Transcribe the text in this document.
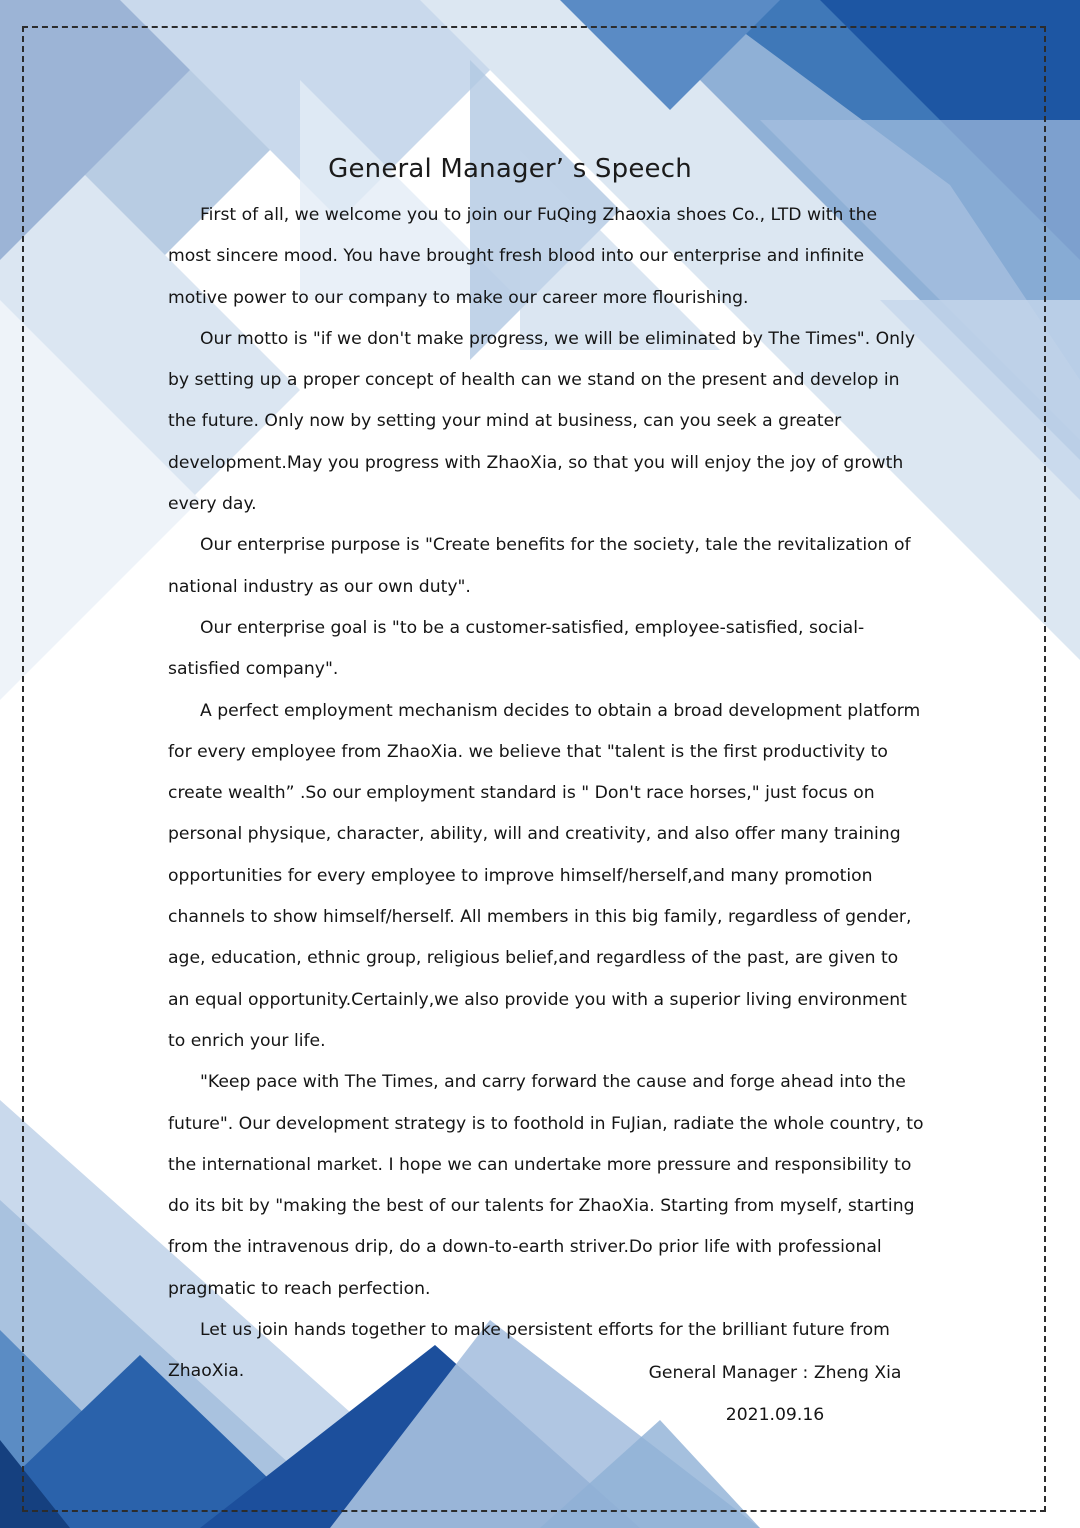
General Manager’ s Speech

First of all, we welcome you to join our FuQing Zhaoxia shoes Co., LTD with the most sincere mood. You have brought fresh blood into our enterprise and infinite motive power to our company to make our career more flourishing.

Our motto is "if we don't make progress, we will be eliminated by The Times". Only by setting up a proper concept of health can we stand on the present and develop in the future. Only now by setting your mind at business, can you seek a greater development.May you progress with ZhaoXia, so that you will enjoy the joy of growth every day.

Our enterprise purpose is "Create benefits for the society, tale the revitalization of national industry as our own duty".

Our enterprise goal is "to be a customer-satisfied, employee-satisfied, social-satisfied company".

A perfect employment mechanism decides to obtain a broad development platform for every employee from ZhaoXia. we believe that "talent is the first productivity to create wealth” .So our employment standard is " Don't race horses," just focus on personal physique, character, ability, will and creativity, and also offer many training opportunities for every employee to improve himself/herself,and many promotion channels to show himself/herself. All members in this big family, regardless of gender, age, education, ethnic group, religious belief,and regardless of the past, are given to an equal opportunity.Certainly,we also provide you with a superior living environment to enrich your life.

"Keep pace with The Times, and carry forward the cause and forge ahead into the future". Our development strategy is to foothold in FuJian, radiate the whole country, to the international market. I hope we can undertake more pressure and responsibility to do its bit by "making the best of our talents for ZhaoXia. Starting from myself, starting from the intravenous drip, do a down-to-earth striver.Do prior life with professional pragmatic to reach perfection.

Let us join hands together to make persistent efforts for the brilliant future from ZhaoXia.	General Manager : Zheng Xia
2021.09.16
